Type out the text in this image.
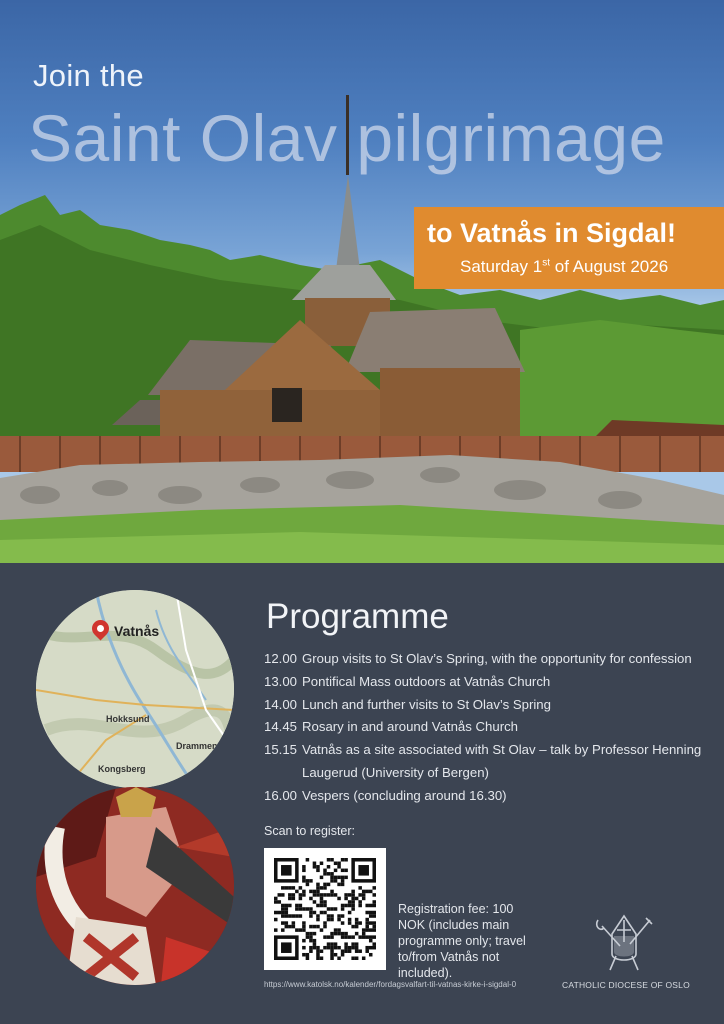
Join the
Saint Olav pilgrimage
to Vatnås in Sigdal!
Saturday 1st of August 2026
Vatnås
Hokksund
Drammen
Kongsberg
Programme
12.00 Group visits to St Olav’s Spring, with the opportunity for confession
13.00 Pontifical Mass outdoors at Vatnås Church
14.00 Lunch and further visits to St Olav’s Spring
14.45 Rosary in and around Vatnås Church
15.15 Vatnås as a site associated with St Olav – talk by Professor Henning Laugerud (University of Bergen)
16.00 Vespers (concluding around 16.30)
Scan to register:
https://www.katolsk.no/kalender/fordagsvalfart-til-vatnas-kirke-i-sigdal-0
Registration fee: 100 NOK (includes main programme only; travel to/from Vatnås not included).
CATHOLIC DIOCESE OF OSLO
